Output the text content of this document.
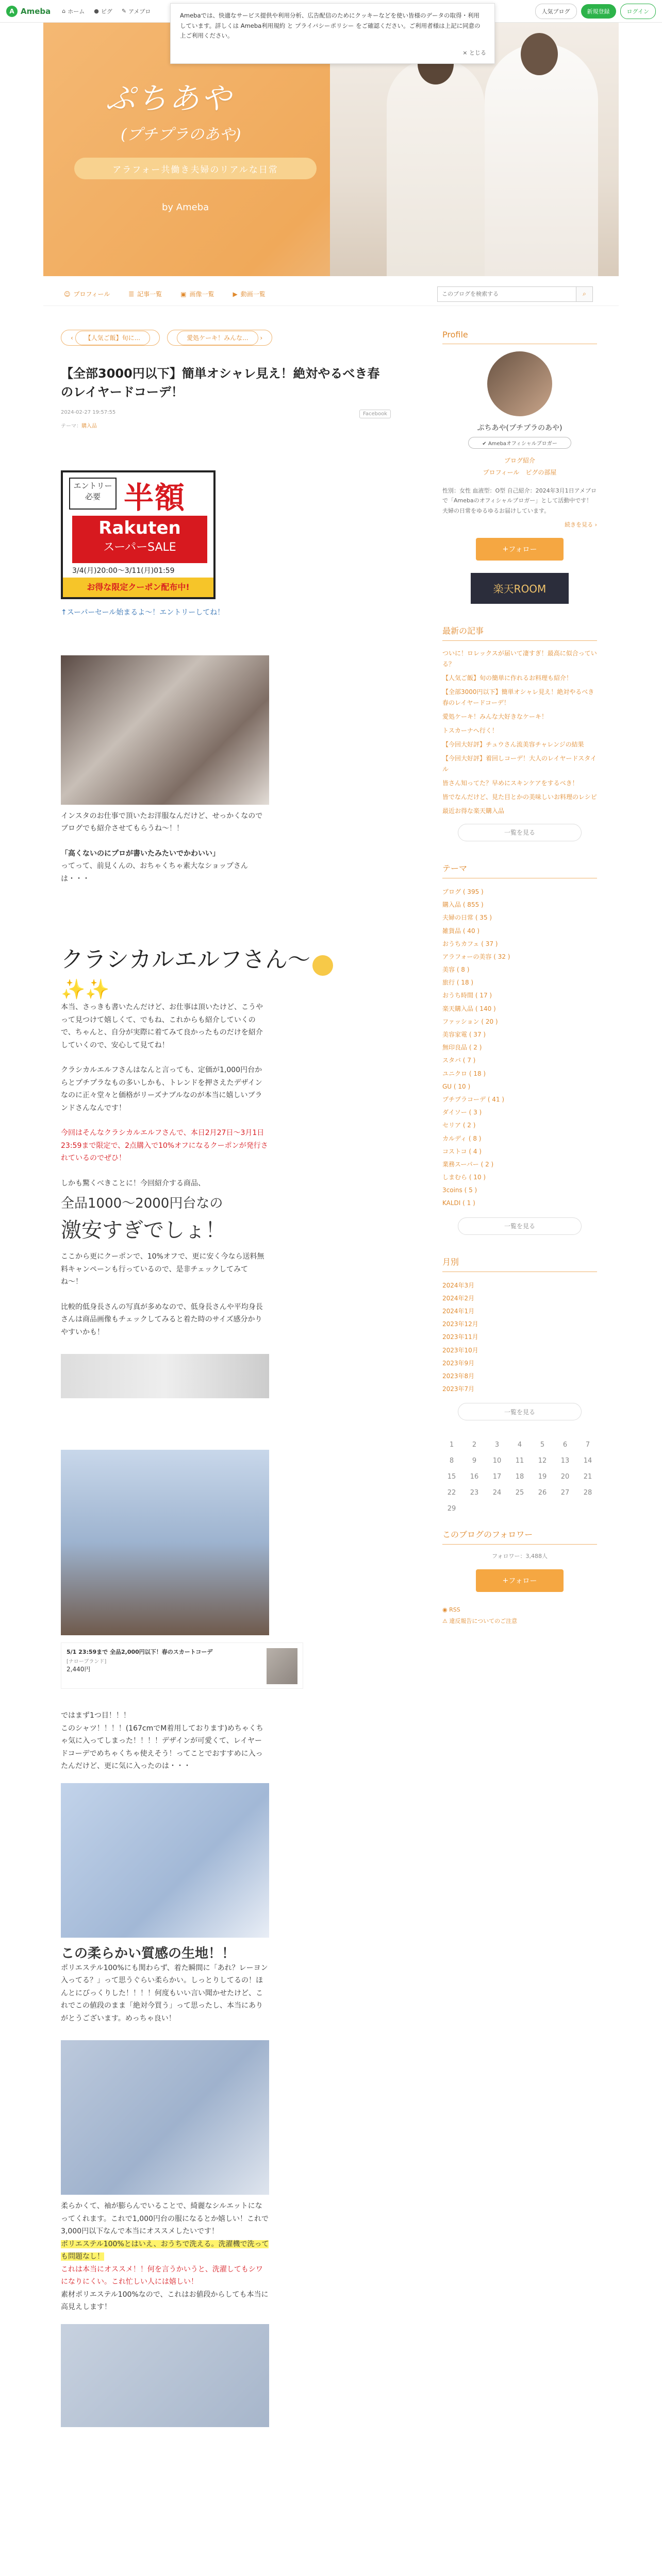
A Ameba ⌂ ホーム ● ピグ ✎ アメブロ	人気ブログ	新規登録	ログイン
Amebaでは、快適なサービス提供や利用分析、広告配信のためにクッキーなどを使い皆様のデータの取得・利用しています。詳しくは Ameba利用規約 と プライバシーポリシー をご確認ください。ご利用者様は上記に同意の上ご利用ください。
× とじる
ぷちあや
(プチプラのあや)
アラフォー共働き夫婦のリアルな日常
by Ameba
☺ プロフィール	☰ 記事一覧	▣ 画像一覧	▶ 動画一覧
このブログを検索する	⌕
‹ 【人気ご飯】旬に...	愛処ケーキ！みんな... ›
【全部3000円以下】簡単オシャレ見え！絶対やるべき春のレイヤードコーデ！
2024-02-27 19:57:55	Facebook
テーマ：購入品
エントリー必要 半額
Rakuten
スーパーSALE
3/4(月)20:00〜3/11(月)01:59
お得な限定クーポン配布中!

↑スーパーセール始まるよ〜！エントリーしてね！

インスタのお仕事で頂いたお洋服なんだけど、せっかくなのでブログでも紹介させてもらうね〜！！

「高くないのにプロが書いたみたいでかわいい」

ってって、前見くんの、おちゃくちゃ素大なショップさんは・・・

クラシカルエルフさん〜
✨✨

本当、さっきも書いたんだけど、お仕事は頂いたけど、こうやって見つけて嬉しくて、でもね、これからも紹介していくので、ちゃんと、自分が実際に着てみて良かったものだけを紹介していくので、安心して見てね！

クラシカルエルフさんはなんと言っても、定価が1,000円台からとプチプラなもの多いしかも、トレンドを押さえたデザインなのに正々堂々と価格がリーズナブルなのが本当に嬉しいブランドさんなんです！

今回はそんなクラシカルエルフさんで、本日2月27日〜3月1日23:59まで限定で、2点購入で10%オフになるクーポンが発行されているのでぜひ！

しかも驚くべきことに！今回紹介する商品、

全品1000〜2000円台なの

激安すぎでしょ！

ここから更にクーポンで、10%オフで、更に安く今なら送料無料キャンペーンも行っているので、是非チェックしてみてね〜！

比較的低身長さんの写真が多めなので、低身長さんや平均身長さんは商品画像もチェックしてみると着た時のサイズ感分かりやすいかも！

5/1 23:59まで 全品2,000円以下！春のスカートコーデ
[ナローブランド]
2,440円

ではまず1つ目！！！

このシャツ！！！！(167cmでM着用しております)めちゃくちゃ気に入ってしまった！！！！デザインが可愛くて、レイヤードコーデでめちゃくちゃ使えそう！ってことでおすすめに入ったんだけど、更に気に入ったのは・・・

この柔らかい質感の生地！！

ポリエステル100%にも関わらず、着た瞬間に「あれ？レーヨン入ってる？」って思うぐらい柔らかい。しっとりしてるの！ほんとにびっくりした！！！！何度もいい言い聞かせたけど、これでこの値段のまま「絶対今買う」って思ったし、本当にありがとうございます。めっちゃ良い！

柔らかくて、袖が膨らんでいることで、綺麗なシルエットになってくれます。これで1,000円台の服になるとか嬉しい！これで3,000円以下なんで本当にオススメしたいです！

ポリエステル100%とはいえ、おうちで洗える。洗濯機で洗っても問題なし！

これは本当にオススメ！！何を言うかいうと、洗濯してもシワになりにくい。これ忙しい人には嬉しい！

素材ポリエステル100%なので、これはお値段からしても本当に高見えします！

Profile
ぷちあや(プチプラのあや)
✔ Amebaオフィシャルブロガー
ブログ紹介
プロフィール　 ピグの部屋
性別：女性 血液型：O型 自己紹介：2024年3月1日アメブロで「Amebaのオフィシャルブロガー」として活動中です！夫婦の日常をゆるゆるお届けしています。
続きを見る ›
+ フォロー
楽天ROOM
最新の記事
ついに！ロレックスが届いて凄すぎ！最高に似合っている？
【人気ご飯】旬の簡単に作れるお料理も紹介！
【全部3000円以下】簡単オシャレ見え！絶対やるべき春のレイヤードコーデ！
愛処ケーキ！みんな大好きなケーキ！
トスカーナへ行く！
【今回大好評】チュウさん流美容チャレンジの結果
【今回大好評】着回しコーデ！大人のレイヤードスタイル
皆さん知ってた？早めにスキンケアをするべき！
皆でなんだけど、見た目とかの美味しいお料理のレシピ
最近お得な楽天購入品
一覧を見る
テーマ
ブログ ( 395 )
購入品 ( 855 )
夫婦の日常 ( 35 )
雑貨品 ( 40 )
おうちカフェ ( 37 )
アラフォーの美容 ( 32 )
美容 ( 8 )
旅行 ( 18 )
おうち時間 ( 17 )
楽天購入品 ( 140 )
ファッション ( 20 )
美容家電 ( 37 )
無印良品 ( 2 )
スタバ ( 7 )
ユニクロ ( 18 )
GU ( 10 )
プチプラコーデ ( 41 )
ダイソー ( 3 )
セリア ( 2 )
カルディ ( 8 )
コストコ ( 4 )
業務スーパー ( 2 )
しまむら ( 10 )
3coins ( 5 )
KALDI ( 1 )
一覧を見る
月別
2024年3月
2024年2月
2024年1月
2023年12月
2023年11月
2023年10月
2023年9月
2023年8月
2023年7月
一覧を見る
1	2	3	4	5	6	7
8	9	10	11	12	13	14
15	16	17	18	19	20	21
22	23	24	25	26	27	28
29
このブログのフォロワー
フォロワー：3,488人
+ フォロー
◉ RSS
⚠ 違反報告についてのご注意
